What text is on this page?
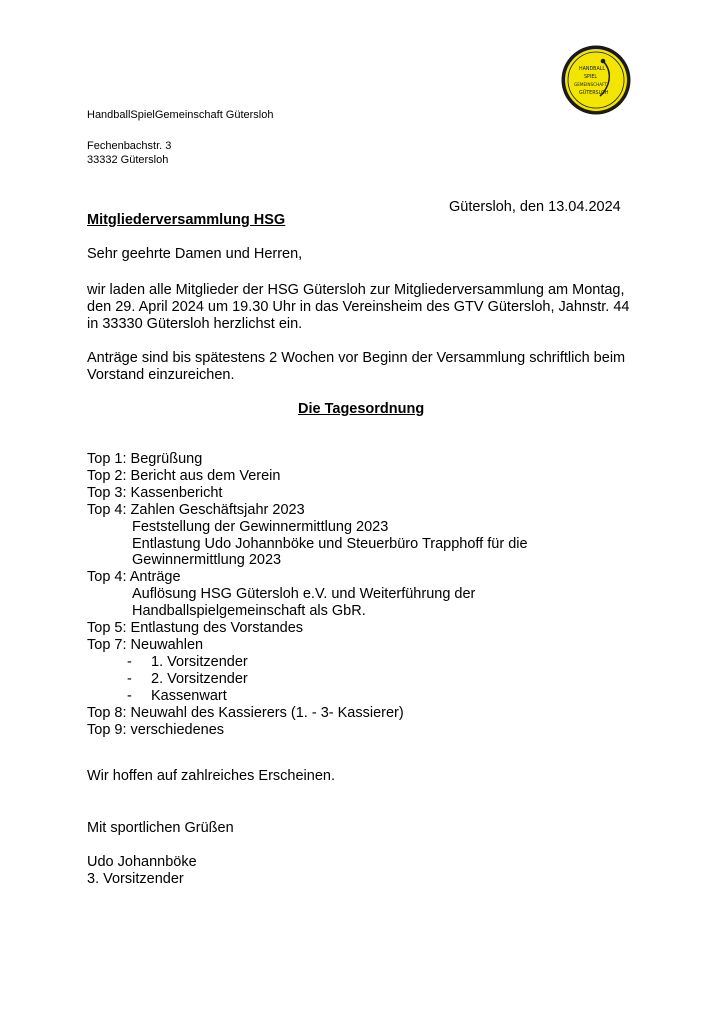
HANDBALL
SPIEL
GEMEINSCHAFT
GÜTERSLOH
HandballSpielGemeinschaft Gütersloh
Fechenbachstr. 3
33332 Gütersloh
Gütersloh, den 13.04.2024
Mitgliederversammlung HSG
Sehr geehrte Damen und Herren,
wir laden alle Mitglieder der HSG Gütersloh zur Mitgliederversammlung am Montag,
den 29. April 2024 um 19.30 Uhr in das Vereinsheim des GTV Gütersloh, Jahnstr. 44
in 33330 Gütersloh herzlichst ein.
Anträge sind bis spätestens 2 Wochen vor Beginn der Versammlung schriftlich beim
Vorstand einzureichen.
Die Tagesordnung
Top 1: Begrüßung
Top 2: Bericht aus dem Verein
Top 3: Kassenbericht
Top 4: Zahlen Geschäftsjahr 2023
Feststellung der Gewinnermittlung 2023
Entlastung Udo Johannböke und Steuerbüro Trapphoff für die
Gewinnermittlung 2023
Top 4: Anträge
Auflösung HSG Gütersloh e.V. und Weiterführung der
Handballspielgemeinschaft als GbR.
Top 5: Entlastung des Vorstandes
Top 7: Neuwahlen
- 1. Vorsitzender
- 2. Vorsitzender
- Kassenwart
Top 8: Neuwahl des Kassierers (1. - 3- Kassierer)
Top 9: verschiedenes
Wir hoffen auf zahlreiches Erscheinen.
Mit sportlichen Grüßen
Udo Johannböke
3. Vorsitzender
